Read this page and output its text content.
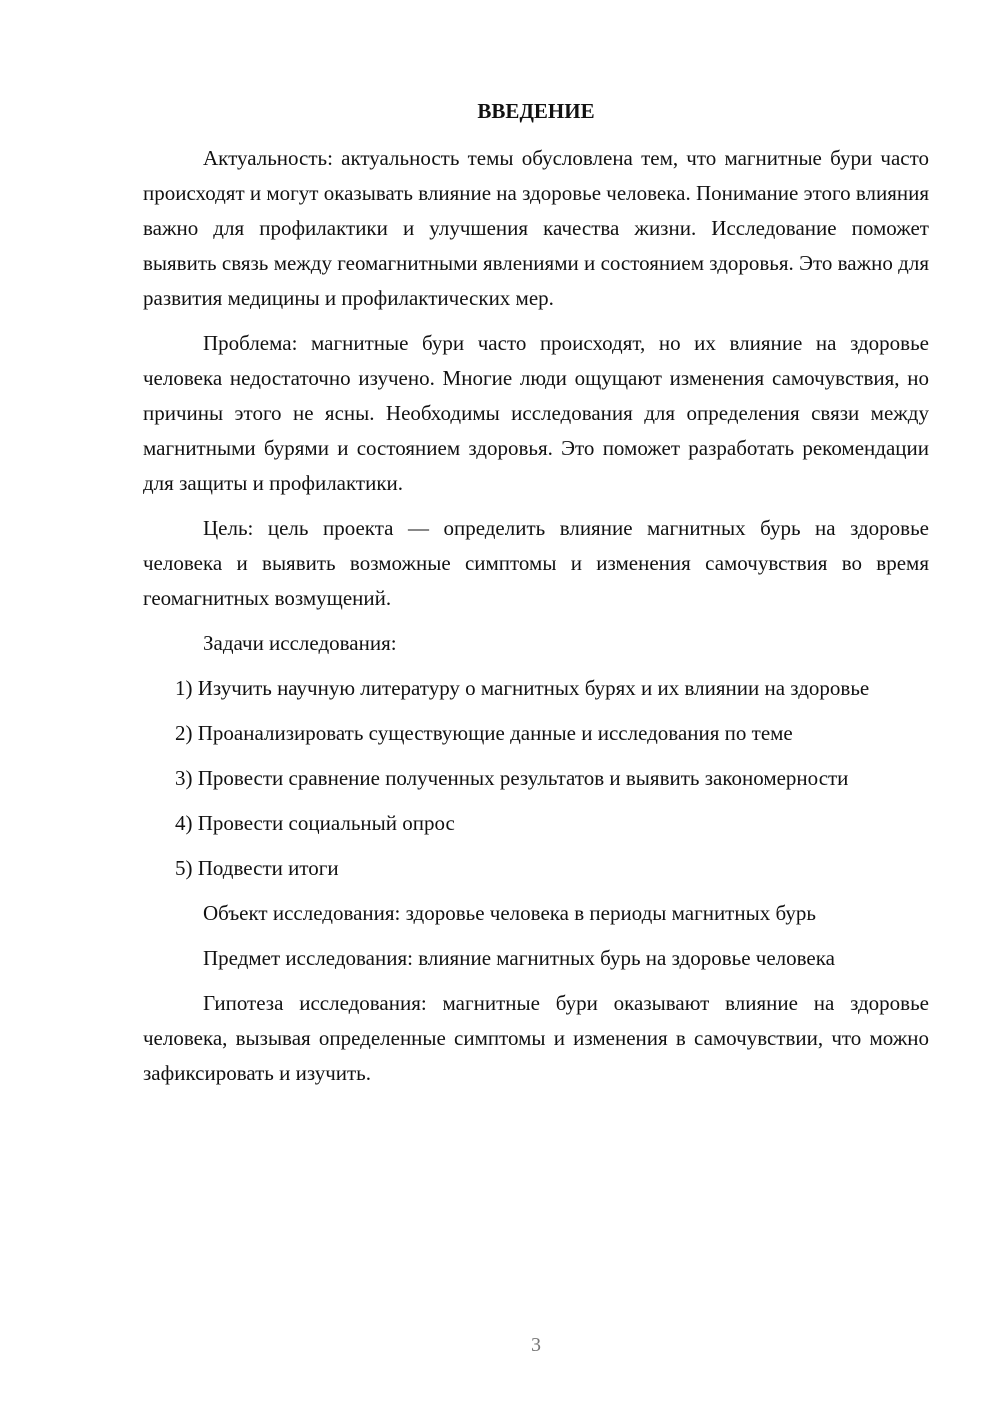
ВВЕДЕНИЕ

Актуальность: актуальность темы обусловлена тем, что магнитные бури часто происходят и могут оказывать влияние на здоровье человека. Понимание этого влияния важно для профилактики и улучшения качества жизни. Исследование поможет выявить связь между геомагнитными явлениями и состоянием здоровья. Это важно для развития медицины и профилактических мер.

Проблема: магнитные бури часто происходят, но их влияние на здоровье человека недостаточно изучено. Многие люди ощущают изменения самочувствия, но причины этого не ясны. Необходимы исследования для определения связи между магнитными бурями и состоянием здоровья. Это поможет разработать рекомендации для защиты и профилактики.

Цель: цель проекта — определить влияние магнитных бурь на здоровье человека и выявить возможные симптомы и изменения самочувствия во время геомагнитных возмущений.

Задачи исследования:

1) Изучить научную литературу о магнитных бурях и их влиянии на здоровье

2) Проанализировать существующие данные и исследования по теме

3) Провести сравнение полученных результатов и выявить закономерности

4) Провести социальный опрос

5) Подвести итоги

Объект исследования: здоровье человека в периоды магнитных бурь

Предмет исследования: влияние магнитных бурь на здоровье человека

Гипотеза исследования: магнитные бури оказывают влияние на здоровье человека, вызывая определенные симптомы и изменения в самочувствии, что можно зафиксировать и изучить.

3
